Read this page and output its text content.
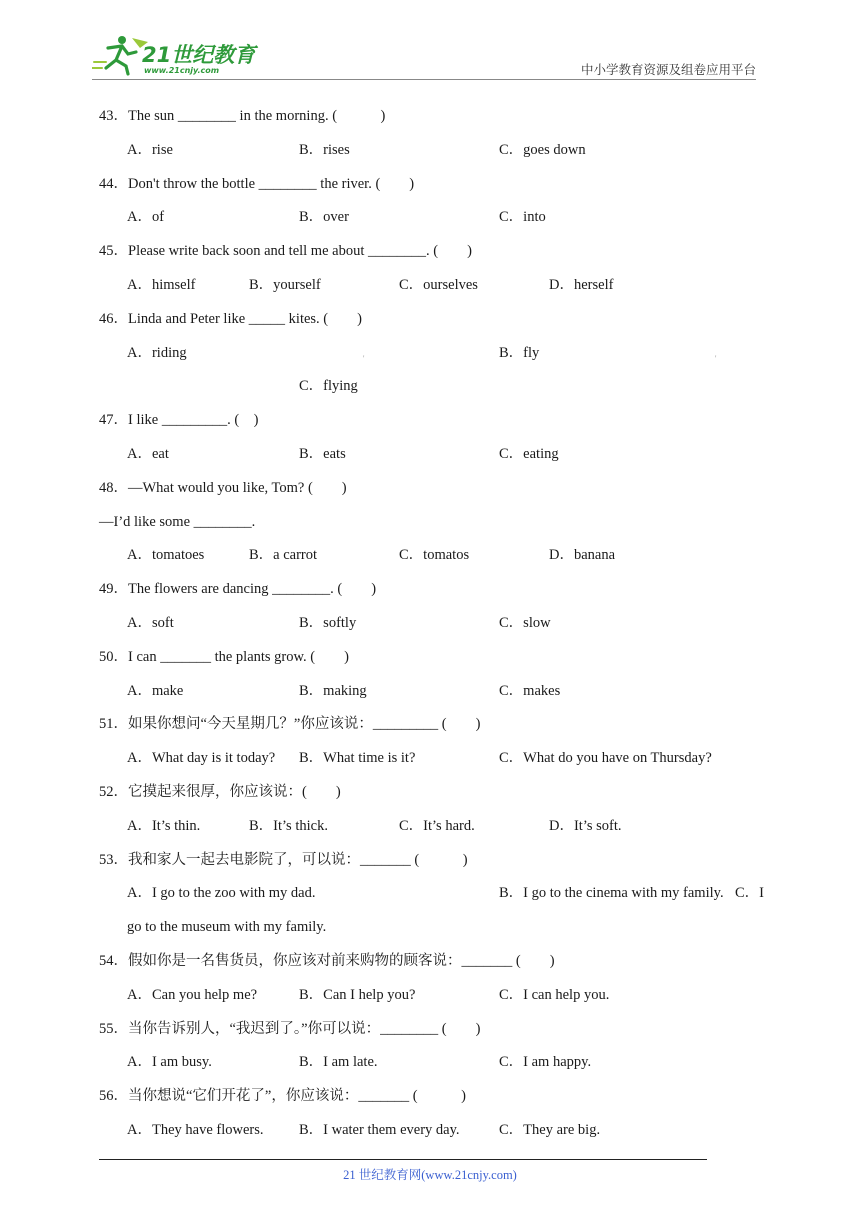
21世纪教育
www.21cnjy.com	中小学教育资源及组卷应用平台
43．The sun ________ in the morning. (　　　)
A．rise	B．rises	C．goes down
44．Don't throw the bottle ________ the river. (　　)
A．of	B．over	C．into
45．Please write back soon and tell me about ________. (　　)
A．himself	B．yourself	C．ourselves	D．herself
46．Linda and Peter like _____ kites. (　　)
A．riding	'	B．fly	'
C．flying
47．I like _________. (　)
A．eat	B．eats	C．eating
48．—What would you like, Tom? (　　)
—I’d like some ________.
A．tomatoes	B．a carrot	C．tomatos	D．banana
49．The flowers are dancing ________. (　　)
A．soft	B．softly	C．slow
50．I can _______ the plants grow. (　　)
A．make	B．making	C．makes
51．如果你想问“今天星期几？”你应该说：_________ (　　)
A．What day is it today? B．What time is it?	C．What do you have on Thursday?
52．它摸起来很厚，你应该说：(　　)
A．It’s thin.	B．It’s thick.	C．It’s hard.	D．It’s soft.
53．我和家人一起去电影院了，可以说：_______ (　　　)
A．I go to the zoo with my dad.	B．I go to the cinema with my family. C．I
go to the museum with my family.
54．假如你是一名售货员，你应该对前来购物的顾客说：_______ (　　)
A．Can you help me?	B．Can I help you?	C．I can help you.
55．当你告诉别人，“我迟到了。”你可以说：________ (　　)
A．I am busy.	B．I am late.	C．I am happy.
56．当你想说“它们开花了”，你应该说：_______ (　　　)
A．They have flowers. B．I water them every day.	C．They are big.
21 世纪教育网(www.21cnjy.com)
